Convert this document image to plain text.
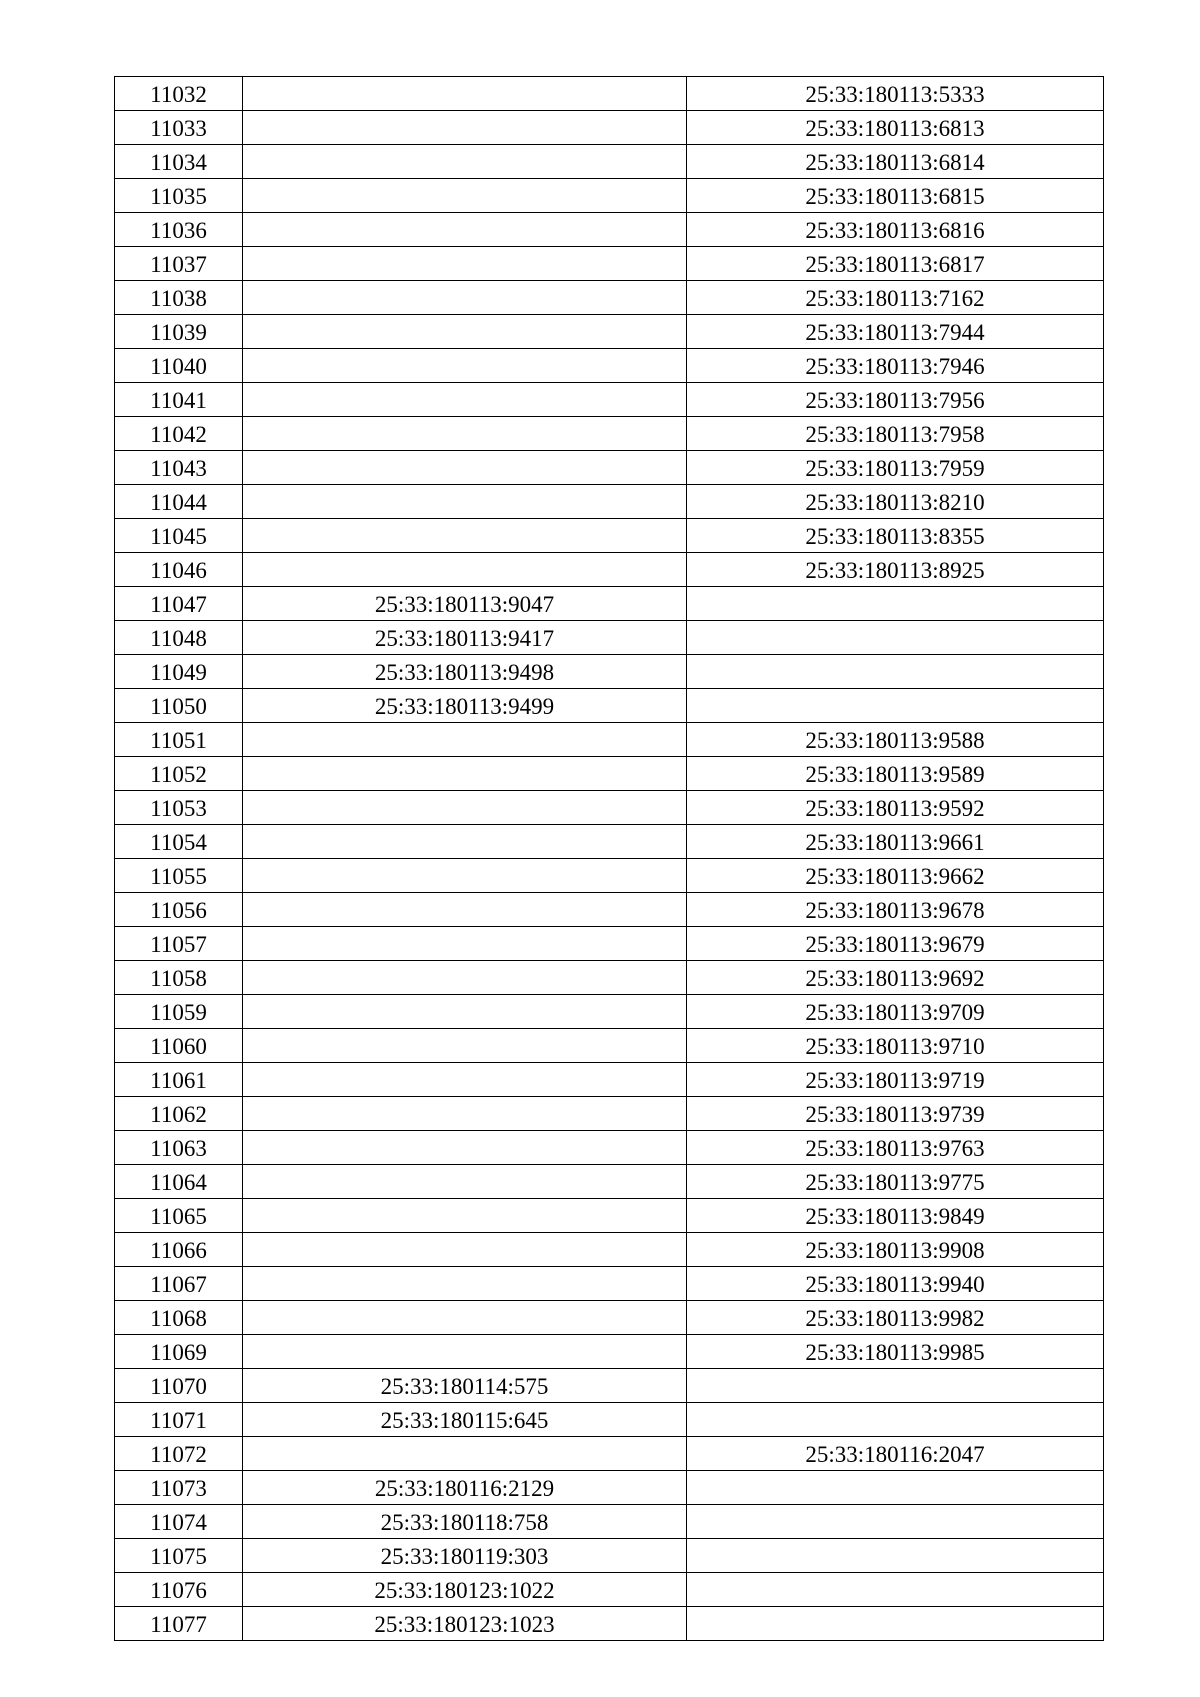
11032		25:33:180113:5333
11033		25:33:180113:6813
11034		25:33:180113:6814
11035		25:33:180113:6815
11036		25:33:180113:6816
11037		25:33:180113:6817
11038		25:33:180113:7162
11039		25:33:180113:7944
11040		25:33:180113:7946
11041		25:33:180113:7956
11042		25:33:180113:7958
11043		25:33:180113:7959
11044		25:33:180113:8210
11045		25:33:180113:8355
11046		25:33:180113:8925
11047	25:33:180113:9047	
11048	25:33:180113:9417	
11049	25:33:180113:9498	
11050	25:33:180113:9499	
11051		25:33:180113:9588
11052		25:33:180113:9589
11053		25:33:180113:9592
11054		25:33:180113:9661
11055		25:33:180113:9662
11056		25:33:180113:9678
11057		25:33:180113:9679
11058		25:33:180113:9692
11059		25:33:180113:9709
11060		25:33:180113:9710
11061		25:33:180113:9719
11062		25:33:180113:9739
11063		25:33:180113:9763
11064		25:33:180113:9775
11065		25:33:180113:9849
11066		25:33:180113:9908
11067		25:33:180113:9940
11068		25:33:180113:9982
11069		25:33:180113:9985
11070	25:33:180114:575	
11071	25:33:180115:645	
11072		25:33:180116:2047
11073	25:33:180116:2129	
11074	25:33:180118:758	
11075	25:33:180119:303	
11076	25:33:180123:1022	
11077	25:33:180123:1023	
